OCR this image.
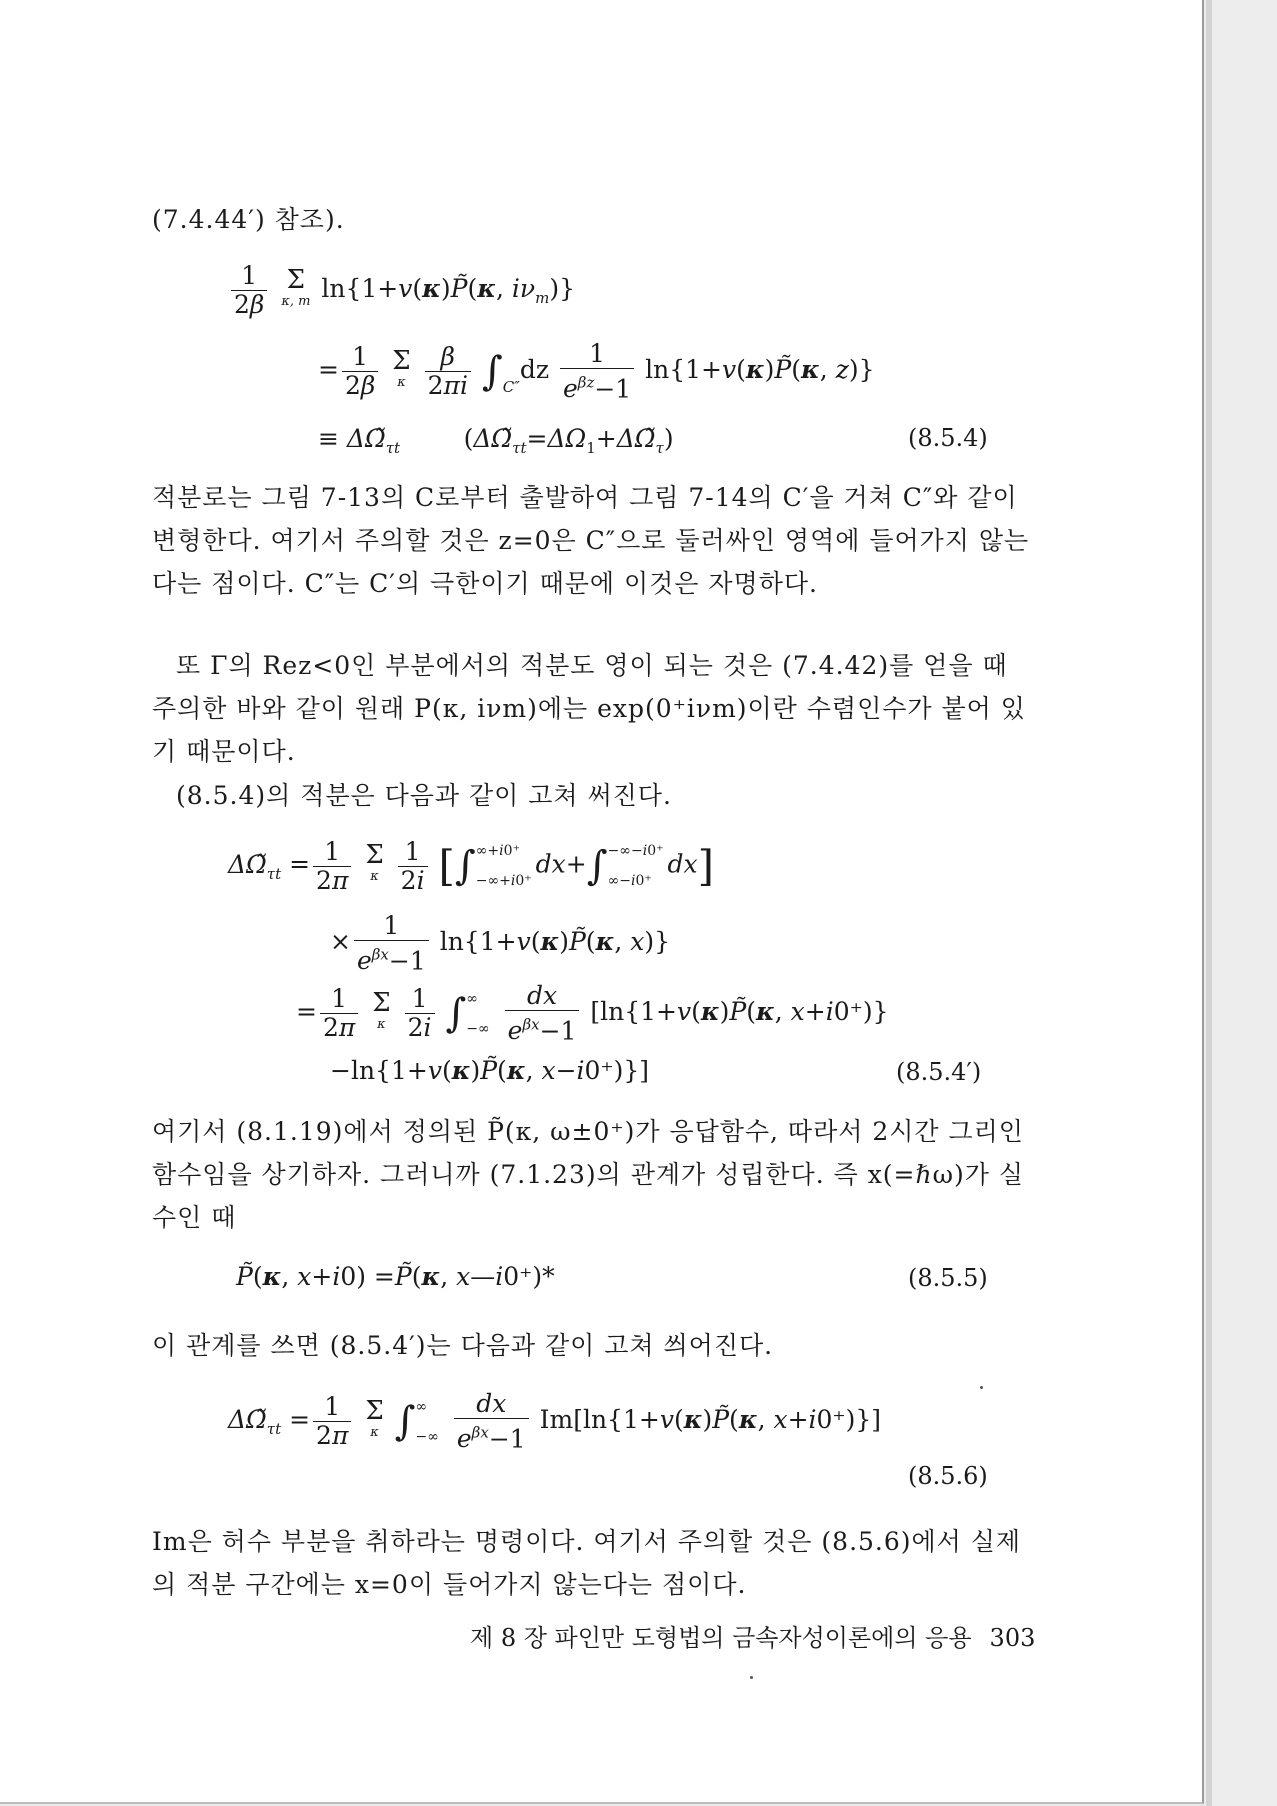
(7.4.44′) 참조).

$\frac{1}{2\beta}$
Σ
κ, m ln{1+v(κ)P̃(κ, $i\nu_m$)}
= $\frac{1}{2\beta}$
Σ
κ
$\frac{\beta}{2\pi i} \int_{C''}dz \frac{1}{e^{\beta z}-1}$ ln{1+v(κ)P̃(κ, z)}
≡ $\Delta\Omegã_{\tau t}$        $(\Delta\Omegã_{\tau t}=\Delta\Omega_1+\Delta\Omegã_\tau)$	(8.5.4)

적분로는 그림 7-13의 C로부터 출발하여 그림 7-14의 C′을 거쳐 C″와 같이 변형한다. 여기서 주의할 것은 z=0은 C″으로 둘러싸인 영역에 들어가지 않는다는 점이다. C″는 C′의 극한이기 때문에 이것은 자명하다.

또 Γ의 Rez<0인 부분에서의 적분도 영이 되는 것은 (7.4.42)를 얻을 때 주의한 바와 같이 원래 P(κ, iνm)에는 exp(0⁺iνm)이란 수렴인수가 붙어 있기 때문이다.

(8.5.4)의 적분은 다음과 같이 고쳐 써진다.

$\Delta\Omegã_{\tau t} = \frac{1}{2\pi}$
Σ
κ
$\frac{1}{2i}$ [∫ ∞+i0⁺
−∞+i0⁺
dx+∫ −∞−i0⁺
∞−i0⁺
dx]
× $\frac{1}{e^{\beta x}-1}$ ln{1+v(κ)P̃(κ, x)}
= $\frac{1}{2\pi}$
Σ
κ
$\frac{1}{2i}$ ∫ ∞
−∞
$\frac{dx}{e^{\beta x}-1}$ [ln{1+v(κ)P̃(κ, x+i0⁺)}
−ln{1+v(κ)P̃(κ, x−i0⁺)}]	(8.5.4′)

여기서 (8.1.19)에서 정의된 P̃(κ, ω±0⁺)가 응답함수, 따라서 2시간 그리인함수임을 상기하자. 그러니까 (7.1.23)의 관계가 성립한다. 즉 x(=ℏω)가 실수인 때

P̃(κ, x+i0) =P̃(κ, x—i0⁺)*	(8.5.5)

이 관계를 쓰면 (8.5.4′)는 다음과 같이 고쳐 씌어진다.

$\Delta\Omegã_{\tau t} = \frac{1}{2\pi}$
Σ
κ ∫ ∞
−∞
$\frac{dx}{e^{\beta x}-1}$ Im[ln{1+v(κ)P̃(κ, x+i0⁺)}]
(8.5.6)

Im은 허수 부분을 취하라는 명령이다. 여기서 주의할 것은 (8.5.6)에서 실제의 적분 구간에는 x=0이 들어가지 않는다는 점이다.

제 8 장 파인만 도형법의 금속자성이론에의 응용 303
